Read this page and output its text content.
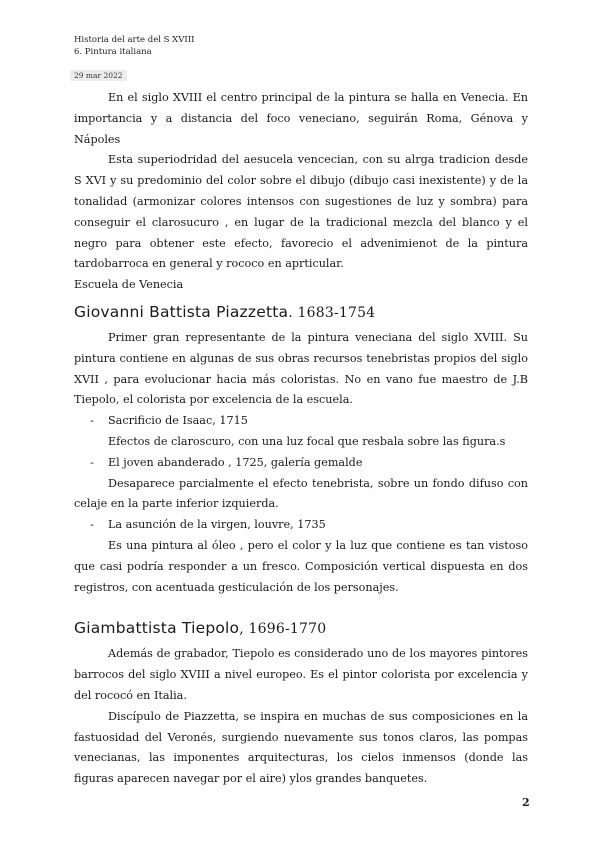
Historia del arte del S XVIII
6. Pintura italiana
29 mar 2022

En el siglo XVIII el centro principal de la pintura se halla en Venecia. En importancia y a distancia del foco veneciano, seguirán Roma, Génova y Nápoles

Esta superiodridad del aesucela vencecian, con su alrga tradicion desde S XVI y su predominio del color sobre el dibujo (dibujo casi inexistente) y de la tonalidad (armonizar colores intensos con sugestiones de luz y sombra) para conseguir el clarosucuro , en lugar de la tradicional mezcla del blanco y el negro para obtener este efecto, favorecio el advenimienot de la pintura tardobarroca en general y rococo en aprticular.

Escuela de Venecia

Giovanni Battista Piazzetta. 1683-1754

Primer gran representante de la pintura veneciana del siglo XVIII. Su pintura contiene en algunas de sus obras recursos tenebristas propios del siglo XVII , para evolucionar hacia más coloristas. No en vano fue maestro de J.B Tiepolo, el colorista por excelencia de la escuela.

-	Sacrificio de Isaac, 1715

Efectos de claroscuro, con una luz focal que resbala sobre las figura.s

-	El joven abanderado , 1725, galería gemalde

Desaparece parcialmente el efecto tenebrista, sobre un fondo difuso con celaje en la parte inferior izquierda.

-	La asunción de la virgen, louvre, 1735

Es una pintura al óleo , pero el color y la luz que contiene es tan vistoso que casi podría responder a un fresco. Composición vertical dispuesta en dos registros, con acentuada gesticulación de los personajes.

Giambattista Tiepolo, 1696-1770

Además de grabador, Tiepolo es considerado uno de los mayores pintores barrocos del siglo XVIII a nivel europeo. Es el pintor colorista por excelencia y del rococó en Italia.

Discípulo de Piazzetta, se inspira en muchas de sus composiciones en la fastuosidad del Veronés, surgiendo nuevamente sus tonos claros, las pompas venecianas, las imponentes arquitecturas, los cielos inmensos (donde las figuras aparecen navegar por el aire) ylos grandes banquetes.

2
